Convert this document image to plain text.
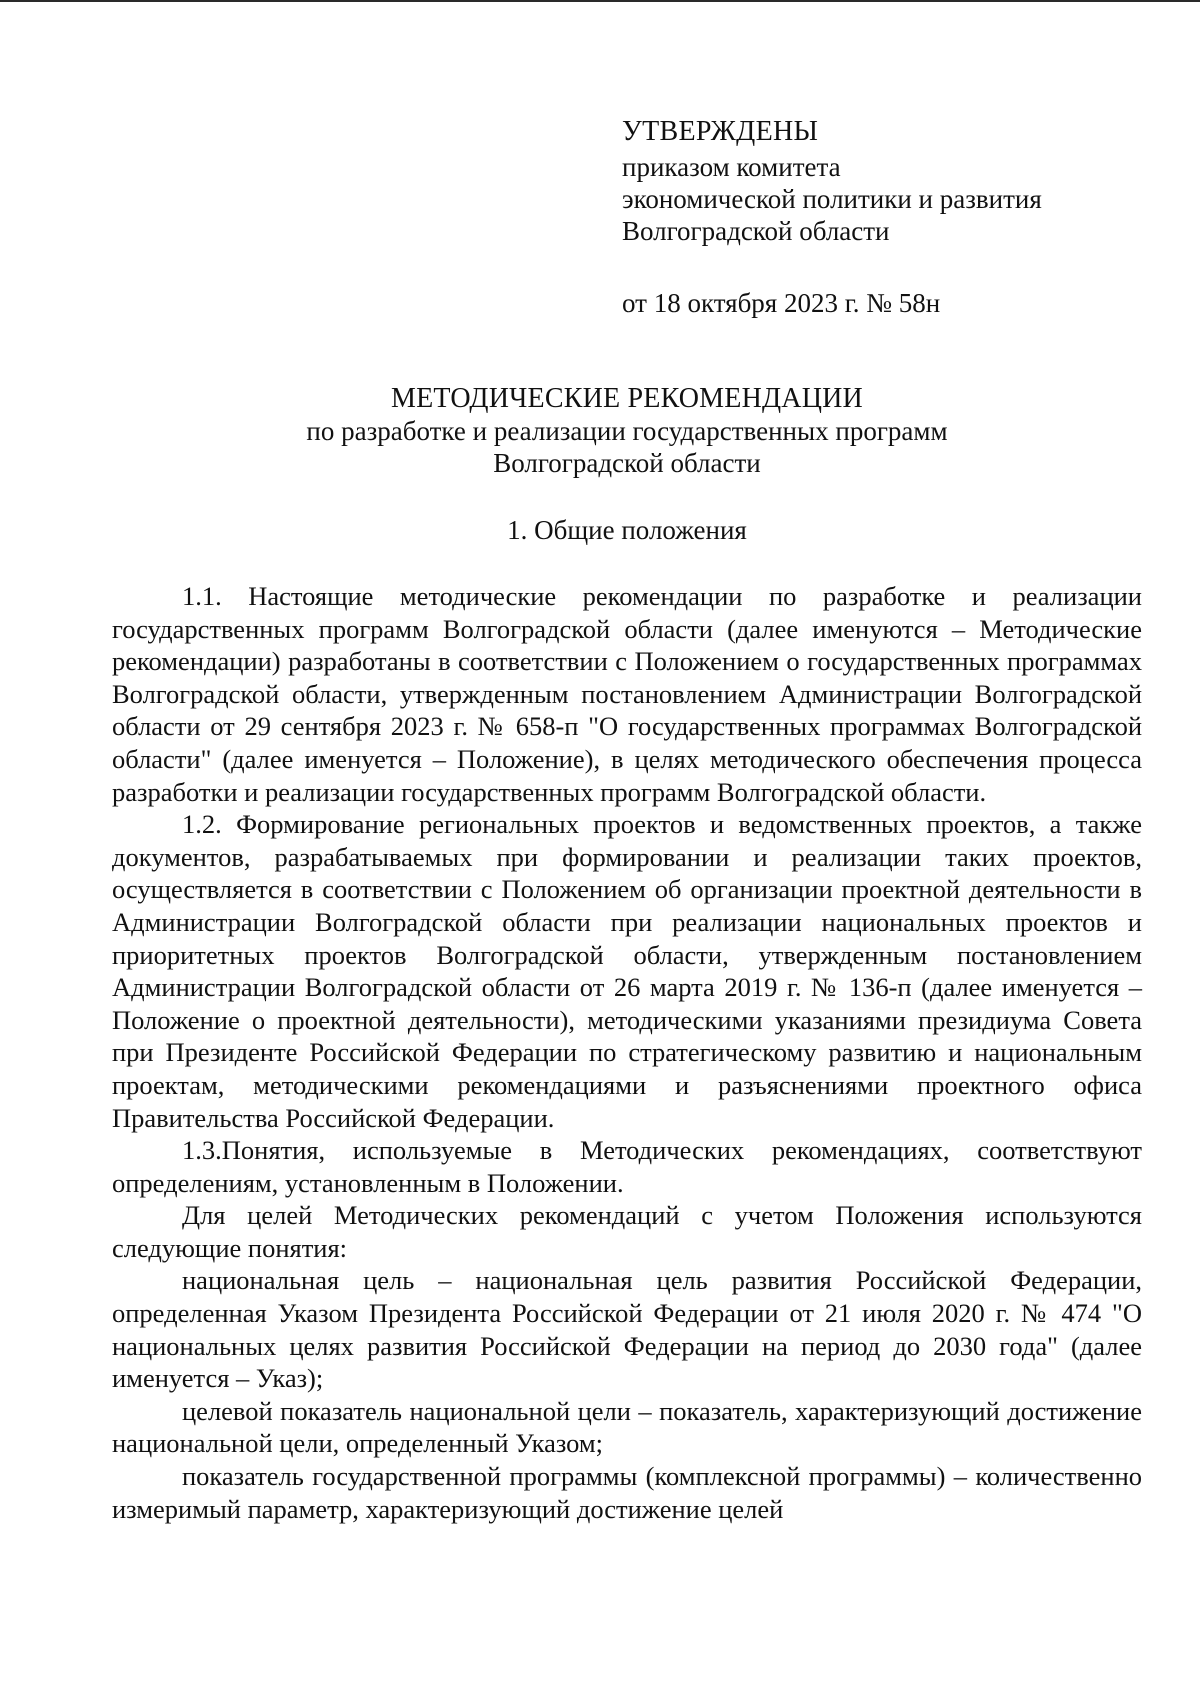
УТВЕРЖДЕНЫ
приказом комитета
экономической политики и развития
Волгоградской области
от 18 октября 2023 г. № 58н
МЕТОДИЧЕСКИЕ РЕКОМЕНДАЦИИ
по разработке и реализации государственных программ
Волгоградской области
1. Общие положения

1.1. Настоящие методические рекомендации по разработке и реализации государственных программ Волгоградской области (далее именуются – Методические рекомендации) разработаны в соответствии с Положением о государственных программах Волгоградской области, утвержденным постановлением Администрации Волгоградской области от 29 сентября 2023 г. № 658-п "О государственных программах Волгоградской области" (далее именуется – Положение), в целях методического обеспечения процесса разработки и реализации государственных программ Волгоградской области.

1.2. Формирование региональных проектов и ведомственных проектов, а также документов, разрабатываемых при формировании и реализации таких проектов, осуществляется в соответствии с Положением об организации проектной деятельности в Администрации Волгоградской области при реализации национальных проектов и приоритетных проектов Волгоградской области, утвержденным постановлением Администрации Волгоградской области от 26 марта 2019 г. № 136-п (далее именуется – Положение о проектной деятельности), методическими указаниями президиума Совета при Президенте Российской Федерации по стратегическому развитию и национальным проектам, методическими рекомендациями и разъяснениями проектного офиса Правительства Российской Федерации.

1.3.Понятия, используемые в Методических рекомендациях, соответствуют определениям, установленным в Положении.

Для целей Методических рекомендаций с учетом Положения используются следующие понятия:

национальная цель – национальная цель развития Российской Федерации, определенная Указом Президента Российской Федерации от 21 июля 2020 г. № 474 "О национальных целях развития Российской Федерации на период до 2030 года" (далее именуется – Указ);

целевой показатель национальной цели – показатель, характеризующий достижение национальной цели, определенный Указом;

показатель государственной программы (комплексной программы) – количественно измеримый параметр, характеризующий достижение целей
